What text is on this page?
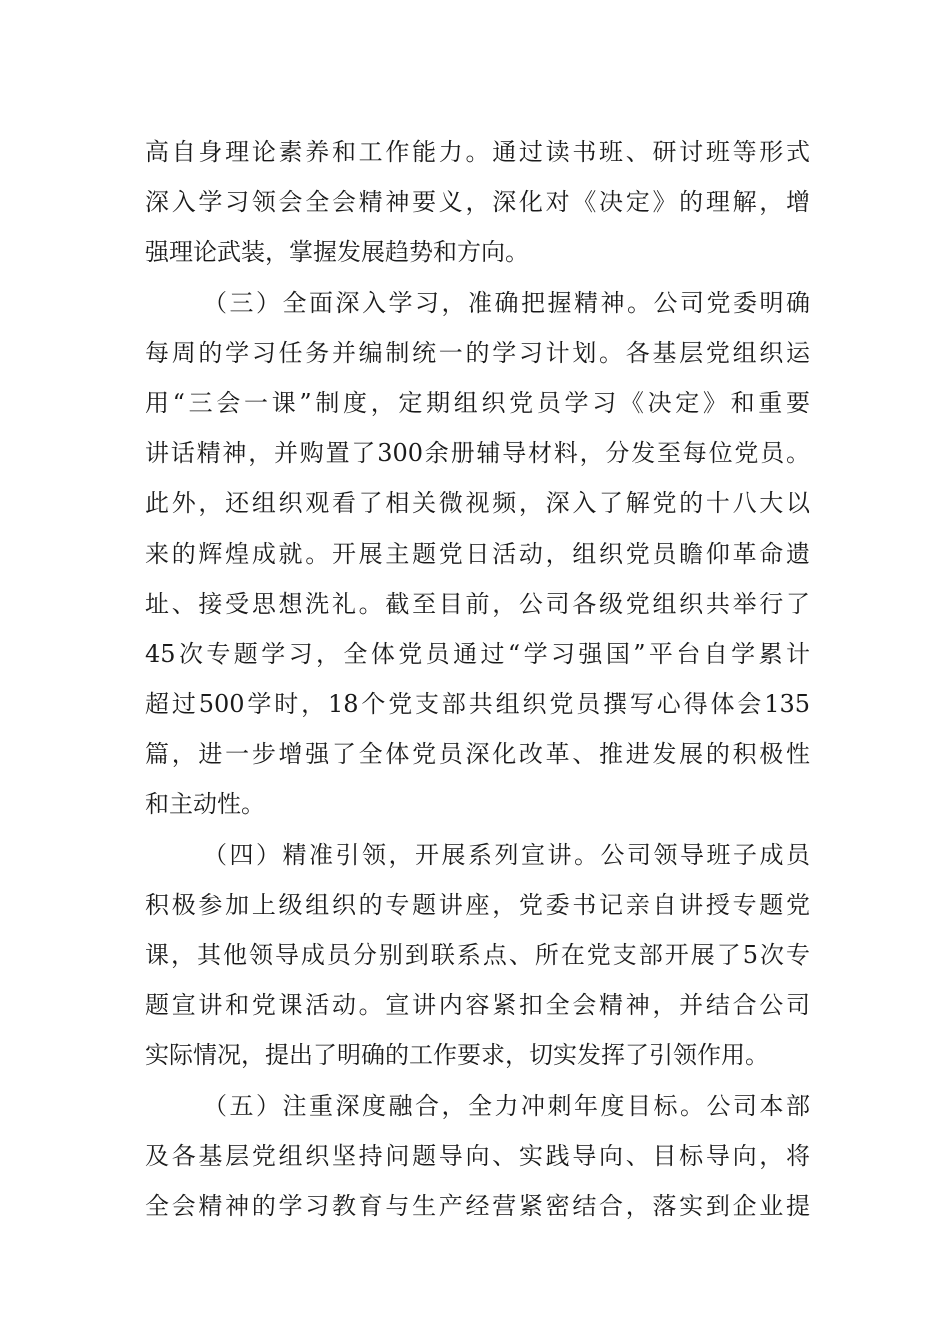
高自身理论素养和工作能力。通过读书班、研讨班等形式
深入学习领会全会精神要义，深化对《决定》的理解，增
强理论武装，掌握发展趋势和方向。
（三）全面深入学习，准确把握精神。公司党委明确
每周的学习任务并编制统一的学习计划。各基层党组织运
用“三会一课”制度，定期组织党员学习《决定》和重要
讲话精神，并购置了300余册辅导材料，分发至每位党员。
此外，还组织观看了相关微视频，深入了解党的十八大以
来的辉煌成就。开展主题党日活动，组织党员瞻仰革命遗
址、接受思想洗礼。截至目前，公司各级党组织共举行了
45次专题学习，全体党员通过“学习强国”平台自学累计
超过500学时，18个党支部共组织党员撰写心得体会135
篇，进一步增强了全体党员深化改革、推进发展的积极性
和主动性。
（四）精准引领，开展系列宣讲。公司领导班子成员
积极参加上级组织的专题讲座，党委书记亲自讲授专题党
课，其他领导成员分别到联系点、所在党支部开展了5次专
题宣讲和党课活动。宣讲内容紧扣全会精神，并结合公司
实际情况，提出了明确的工作要求，切实发挥了引领作用。
（五）注重深度融合，全力冲刺年度目标。公司本部
及各基层党组织坚持问题导向、实践导向、目标导向，将
全会精神的学习教育与生产经营紧密结合，落实到企业提
